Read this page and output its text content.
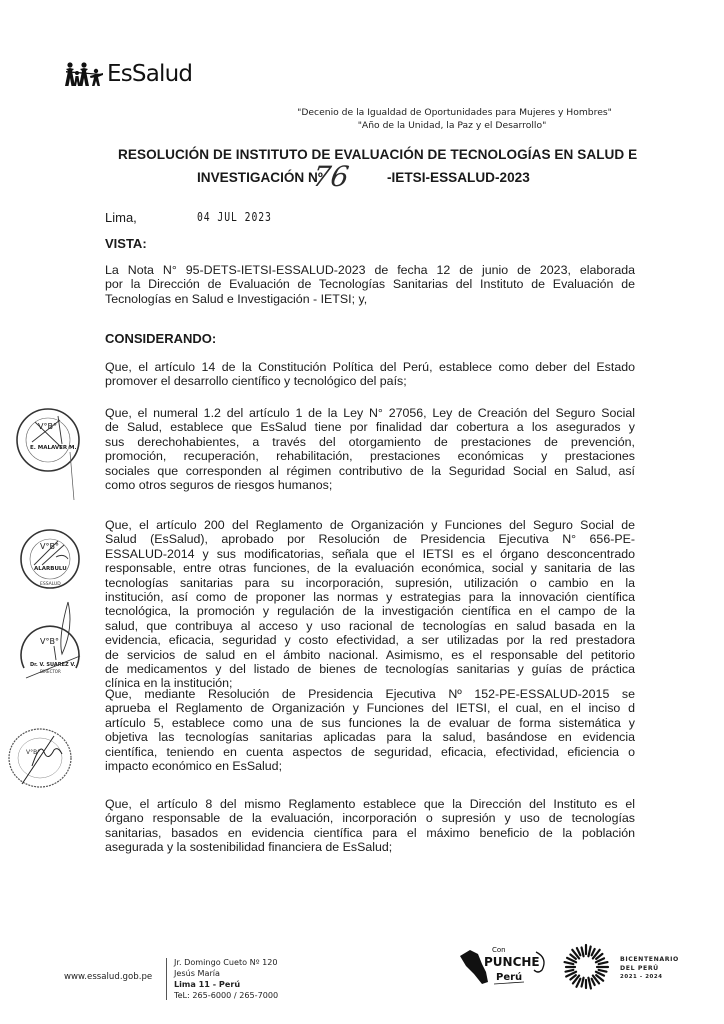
EsSalud
"Decenio de la Igualdad de Oportunidades para Mujeres y Hombres"
"Año de la Unidad, la Paz y el Desarrollo"
RESOLUCIÓN DE INSTITUTO DE EVALUACIÓN DE TECNOLOGÍAS EN SALUD E
INVESTIGACIÓN Nº
76	-IETSI-ESSALUD-2023
Lima,	04 JUL 2023
VISTA:
La Nota N° 95-DETS-IETSI-ESSALUD-2023 de fecha 12 de junio de 2023, elaborada
por la Dirección de Evaluación de Tecnologías Sanitarias del Instituto de Evaluación de
Tecnologías en Salud e Investigación - IETSI; y,
CONSIDERANDO:
Que, el artículo 14 de la Constitución Política del Perú, establece como deber del Estado
promover el desarrollo científico y tecnológico del país;
Que, el numeral 1.2 del artículo 1 de la Ley N° 27056, Ley de Creación del Seguro Social
de Salud, establece que EsSalud tiene por finalidad dar cobertura a los asegurados y
sus derechohabientes, a través del otorgamiento de prestaciones de prevención,
promoción, recuperación, rehabilitación, prestaciones económicas y prestaciones
sociales que corresponden al régimen contributivo de la Seguridad Social en Salud, así
como otros seguros de riesgos humanos;
Que, el artículo 200 del Reglamento de Organización y Funciones del Seguro Social de
Salud (EsSalud), aprobado por Resolución de Presidencia Ejecutiva N° 656-PE-
ESSALUD-2014 y sus modificatorias, señala que el IETSI es el órgano desconcentrado
responsable, entre otras funciones, de la evaluación económica, social y sanitaria de las
tecnologías sanitarias para su incorporación, supresión, utilización o cambio en la
institución, así como de proponer las normas y estrategias para la innovación científica
tecnológica, la promoción y regulación de la investigación científica en el campo de la
salud, que contribuya al acceso y uso racional de tecnologías en salud basada en la
evidencia, eficacia, seguridad y costo efectividad, a ser utilizadas por la red prestadora
de servicios de salud en el ámbito nacional. Asimismo, es el responsable del petitorio
de medicamentos y del listado de bienes de tecnologías sanitarias y guías de práctica
clínica en la institución;
Que, mediante Resolución de Presidencia Ejecutiva Nº 152-PE-ESSALUD-2015 se
aprueba el Reglamento de Organización y Funciones del IETSI, el cual, en el inciso d
artículo 5, establece como una de sus funciones la de evaluar de forma sistemática y
objetiva las tecnologías sanitarias aplicadas para la salud, basándose en evidencia
científica, teniendo en cuenta aspectos de seguridad, eficacia, efectividad, eficiencia o
impacto económico en EsSalud;
Que, el artículo 8 del mismo Reglamento establece que la Dirección del Instituto es el
órgano responsable de la evaluación, incorporación o supresión y uso de tecnologías
sanitarias, basados en evidencia científica para el máximo beneficio de la población
asegurada y la sostenibilidad financiera de EsSalud;
V°B°
E. MALAVER M.
V°B°
ALARBULU
ESSALUD
V°B°
Dr. V. SUAREZ V.
DIRECTOR
V°B°
www.essalud.gob.pe
Jr. Domingo Cueto Nº 120
Jesús María
Lima 11 - Perú
TeL: 265-6000 / 265-7000
Con
PUNCHE
Perú
BICENTENARIO
DEL PERÚ
2021 - 2024
